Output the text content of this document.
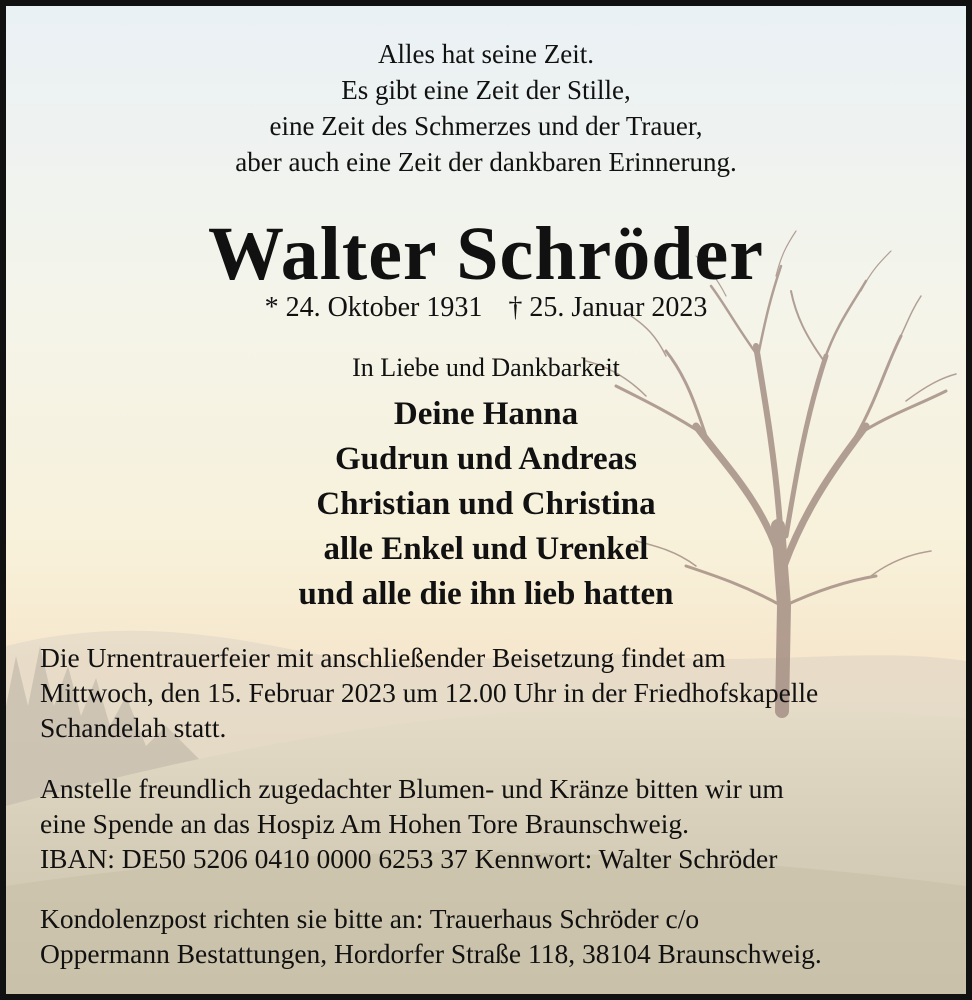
Alles hat seine Zeit.
Es gibt eine Zeit der Stille,
eine Zeit des Schmerzes und der Trauer,
aber auch eine Zeit der dankbaren Erinnerung.
Walter Schröder
* 24. Oktober 1931 † 25. Januar 2023
In Liebe und Dankbarkeit
Deine Hanna
Gudrun und Andreas
Christian und Christina
alle Enkel und Urenkel
und alle die ihn lieb hatten
Die Urnentrauerfeier mit anschließender Beisetzung findet am
Mittwoch, den 15. Februar 2023 um 12.00 Uhr in der Friedhofskapelle
Schandelah statt.
Anstelle freundlich zugedachter Blumen- und Kränze bitten wir um
eine Spende an das Hospiz Am Hohen Tore Braunschweig.
IBAN: DE50 5206 0410 0000 6253 37 Kennwort: Walter Schröder
Kondolenzpost richten sie bitte an: Trauerhaus Schröder c/o
Oppermann Bestattungen, Hordorfer Straße 118, 38104 Braunschweig.
